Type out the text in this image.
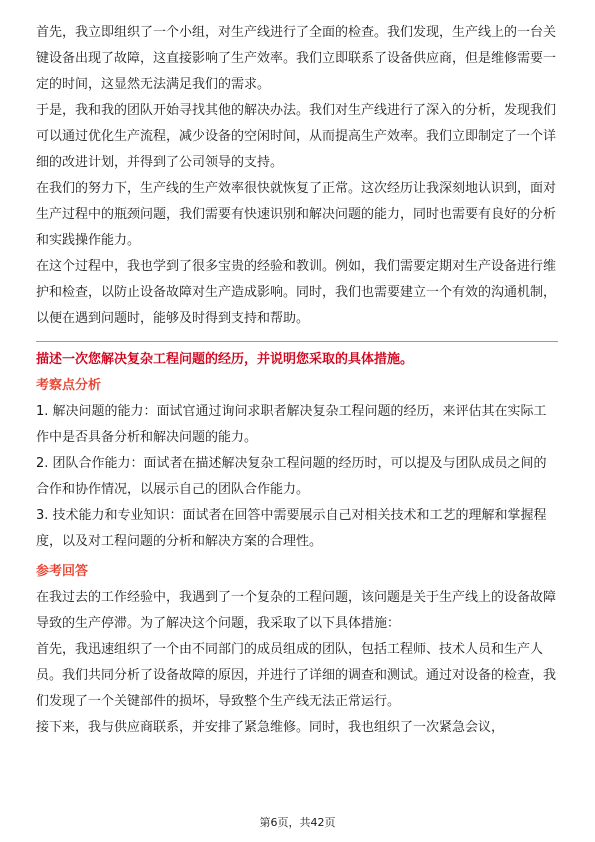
首先，我立即组织了一个小组，对生产线进行了全面的检查。我们发现，生产线上的一台关键设备出现了故障，这直接影响了生产效率。我们立即联系了设备供应商，但是维修需要一定的时间，这显然无法满足我们的需求。

于是，我和我的团队开始寻找其他的解决办法。我们对生产线进行了深入的分析，发现我们可以通过优化生产流程，减少设备的空闲时间，从而提高生产效率。我们立即制定了一个详细的改进计划，并得到了公司领导的支持。

在我们的努力下，生产线的生产效率很快就恢复了正常。这次经历让我深刻地认识到，面对生产过程中的瓶颈问题，我们需要有快速识别和解决问题的能力，同时也需要有良好的分析和实践操作能力。

在这个过程中，我也学到了很多宝贵的经验和教训。例如，我们需要定期对生产设备进行维护和检查，以防止设备故障对生产造成影响。同时，我们也需要建立一个有效的沟通机制，以便在遇到问题时，能够及时得到支持和帮助。

描述一次您解决复杂工程问题的经历，并说明您采取的具体措施。

考察点分析

1. 解决问题的能力：面试官通过询问求职者解决复杂工程问题的经历，来评估其在实际工作中是否具备分析和解决问题的能力。

2. 团队合作能力：面试者在描述解决复杂工程问题的经历时，可以提及与团队成员之间的合作和协作情况，以展示自己的团队合作能力。

3. 技术能力和专业知识：面试者在回答中需要展示自己对相关技术和工艺的理解和掌握程度，以及对工程问题的分析和解决方案的合理性。

参考回答

在我过去的工作经验中，我遇到了一个复杂的工程问题，该问题是关于生产线上的设备故障导致的生产停滞。为了解决这个问题，我采取了以下具体措施：

首先，我迅速组织了一个由不同部门的成员组成的团队，包括工程师、技术人员和生产人员。我们共同分析了设备故障的原因，并进行了详细的调查和测试。通过对设备的检查，我们发现了一个关键部件的损坏，导致整个生产线无法正常运行。

接下来，我与供应商联系，并安排了紧急维修。同时，我也组织了一次紧急会议，

第6页，共42页
